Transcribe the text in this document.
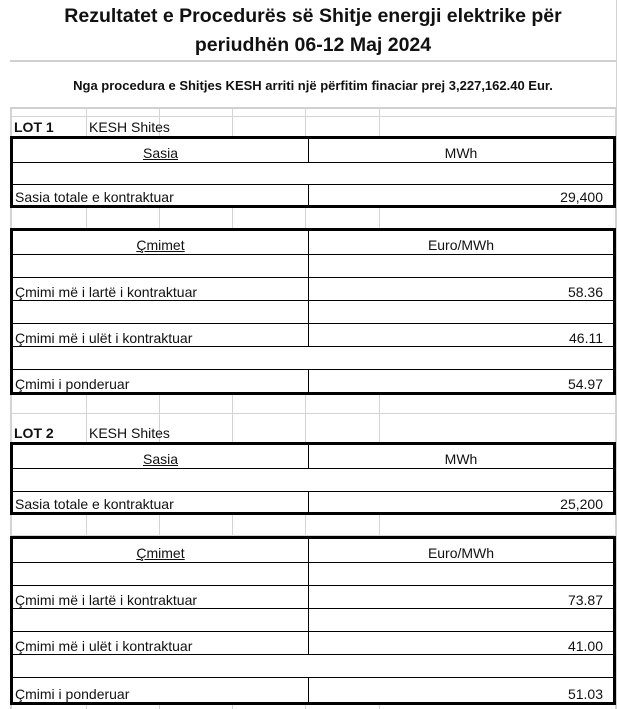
Rezultatet e Procedurës së Shitje energji elektrike për
periudhën 06-12 Maj 2024
Nga procedura e Shitjes KESH arriti një përfitim finaciar prej 3,227,162.40 Eur.
LOT 1	KESH Shites
Sasia	MWh
Sasia totale e kontraktuar	29,400
Çmimet	Euro/MWh
Çmimi më i lartë i kontraktuar	58.36
Çmimi më i ulët i kontraktuar	46.11
Çmimi i ponderuar	54.97
LOT 2	KESH Shites
Sasia	MWh
Sasia totale e kontraktuar	25,200
Çmimet	Euro/MWh
Çmimi më i lartë i kontraktuar	73.87
Çmimi më i ulët i kontraktuar	41.00
Çmimi i ponderuar	51.03
